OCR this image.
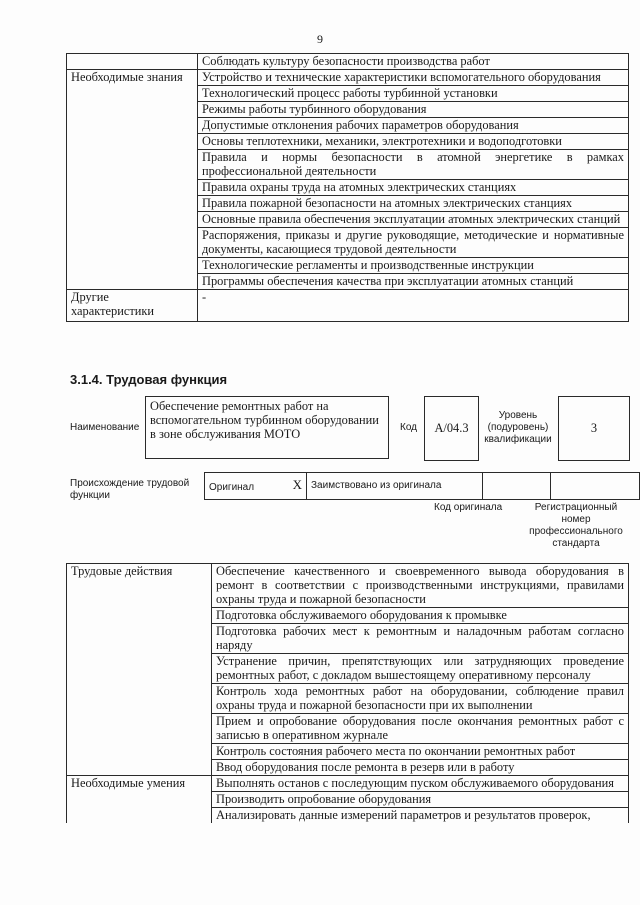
9
	Соблюдать культуру безопасности производства работ
Необходимые знания	Устройство и технические характеристики вспомогательного оборудования
	Технологический процесс работы турбинной установки
	Режимы работы турбинного оборудования
	Допустимые отклонения рабочих параметров оборудования
	Основы теплотехники, механики, электротехники и водоподготовки
	Правила и нормы безопасности в атомной энергетике в рамках профессиональной деятельности
	Правила охраны труда на атомных электрических станциях
	Правила пожарной безопасности на атомных электрических станциях
	Основные правила обеспечения эксплуатации атомных электрических станций
	Распоряжения, приказы и другие руководящие, методические и нормативные документы, касающиеся трудовой деятельности
	Технологические регламенты и производственные инструкции
	Программы обеспечения качества при эксплуатации атомных станций
Другие характеристики	-
3.1.4. Трудовая функция
Наименование
Обеспечение ремонтных работ на вспомогательном турбинном оборудовании в зоне обслуживания МОТО	Код А/04.3
Уровень (подуровень) квалификации
3
Происхождение трудовой функции
Оригинал	X	Заимствовано из оригинала		
Код оригинала	Регистрационный номер профессионального стандарта
Трудовые действия	Обеспечение качественного и своевременного вывода оборудования в ремонт в соответствии с производственными инструкциями, правилами охраны труда и пожарной безопасности
	Подготовка обслуживаемого оборудования к промывке
	Подготовка рабочих мест к ремонтным и наладочным работам согласно наряду
	Устранение причин, препятствующих или затрудняющих проведение ремонтных работ, с докладом вышестоящему оперативному персоналу
	Контроль хода ремонтных работ на оборудовании, соблюдение правил охраны труда и пожарной безопасности при их выполнении
	Прием и опробование оборудования после окончания ремонтных работ с записью в оперативном журнале
	Контроль состояния рабочего места по окончании ремонтных работ
	Ввод оборудования после ремонта в резерв или в работу
Необходимые умения	Выполнять останов с последующим пуском обслуживаемого оборудования
	Производить опробование оборудования
	Анализировать данные измерений параметров и результатов проверок,
